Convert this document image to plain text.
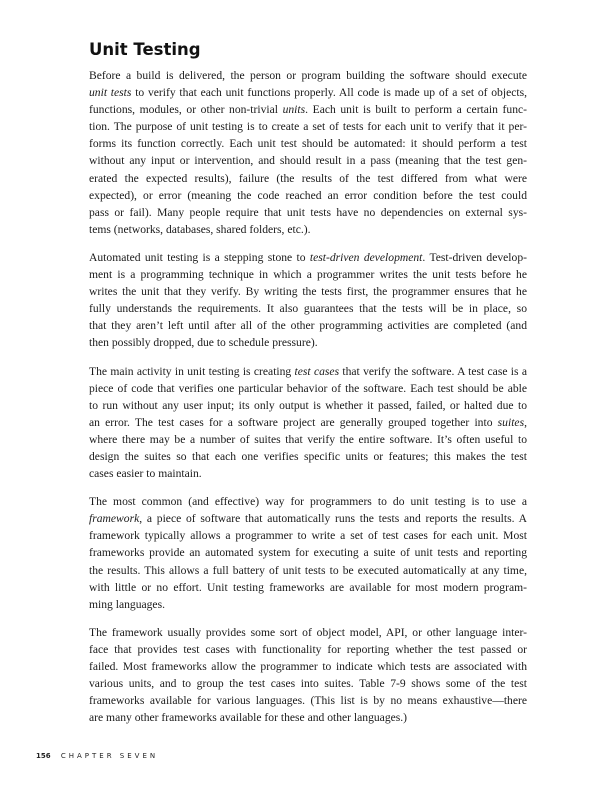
Unit Testing

Before a build is delivered, the person or program building the software should execute
unit tests to verify that each unit functions properly. All code is made up of a set of objects,
functions, modules, or other non-trivial units. Each unit is built to perform a certain func-
tion. The purpose of unit testing is to create a set of tests for each unit to verify that it per-
forms its function correctly. Each unit test should be automated: it should perform a test
without any input or intervention, and should result in a pass (meaning that the test gen-
erated the expected results), failure (the results of the test differed from what were
expected), or error (meaning the code reached an error condition before the test could
pass or fail). Many people require that unit tests have no dependencies on external sys-
tems (networks, databases, shared folders, etc.).

Automated unit testing is a stepping stone to test-driven development. Test-driven develop-
ment is a programming technique in which a programmer writes the unit tests before he
writes the unit that they verify. By writing the tests first, the programmer ensures that he
fully understands the requirements. It also guarantees that the tests will be in place, so
that they aren’t left until after all of the other programming activities are completed (and
then possibly dropped, due to schedule pressure).

The main activity in unit testing is creating test cases that verify the software. A test case is a
piece of code that verifies one particular behavior of the software. Each test should be able
to run without any user input; its only output is whether it passed, failed, or halted due to
an error. The test cases for a software project are generally grouped together into suites,
where there may be a number of suites that verify the entire software. It’s often useful to
design the suites so that each one verifies specific units or features; this makes the test
cases easier to maintain.

The most common (and effective) way for programmers to do unit testing is to use a
framework, a piece of software that automatically runs the tests and reports the results. A
framework typically allows a programmer to write a set of test cases for each unit. Most
frameworks provide an automated system for executing a suite of unit tests and reporting
the results. This allows a full battery of unit tests to be executed automatically at any time,
with little or no effort. Unit testing frameworks are available for most modern program-
ming languages.

The framework usually provides some sort of object model, API, or other language inter-
face that provides test cases with functionality for reporting whether the test passed or
failed. Most frameworks allow the programmer to indicate which tests are associated with
various units, and to group the test cases into suites. Table 7-9 shows some of the test
frameworks available for various languages. (This list is by no means exhaustive—there
are many other frameworks available for these and other languages.)

156 CHAPTER SEVEN
